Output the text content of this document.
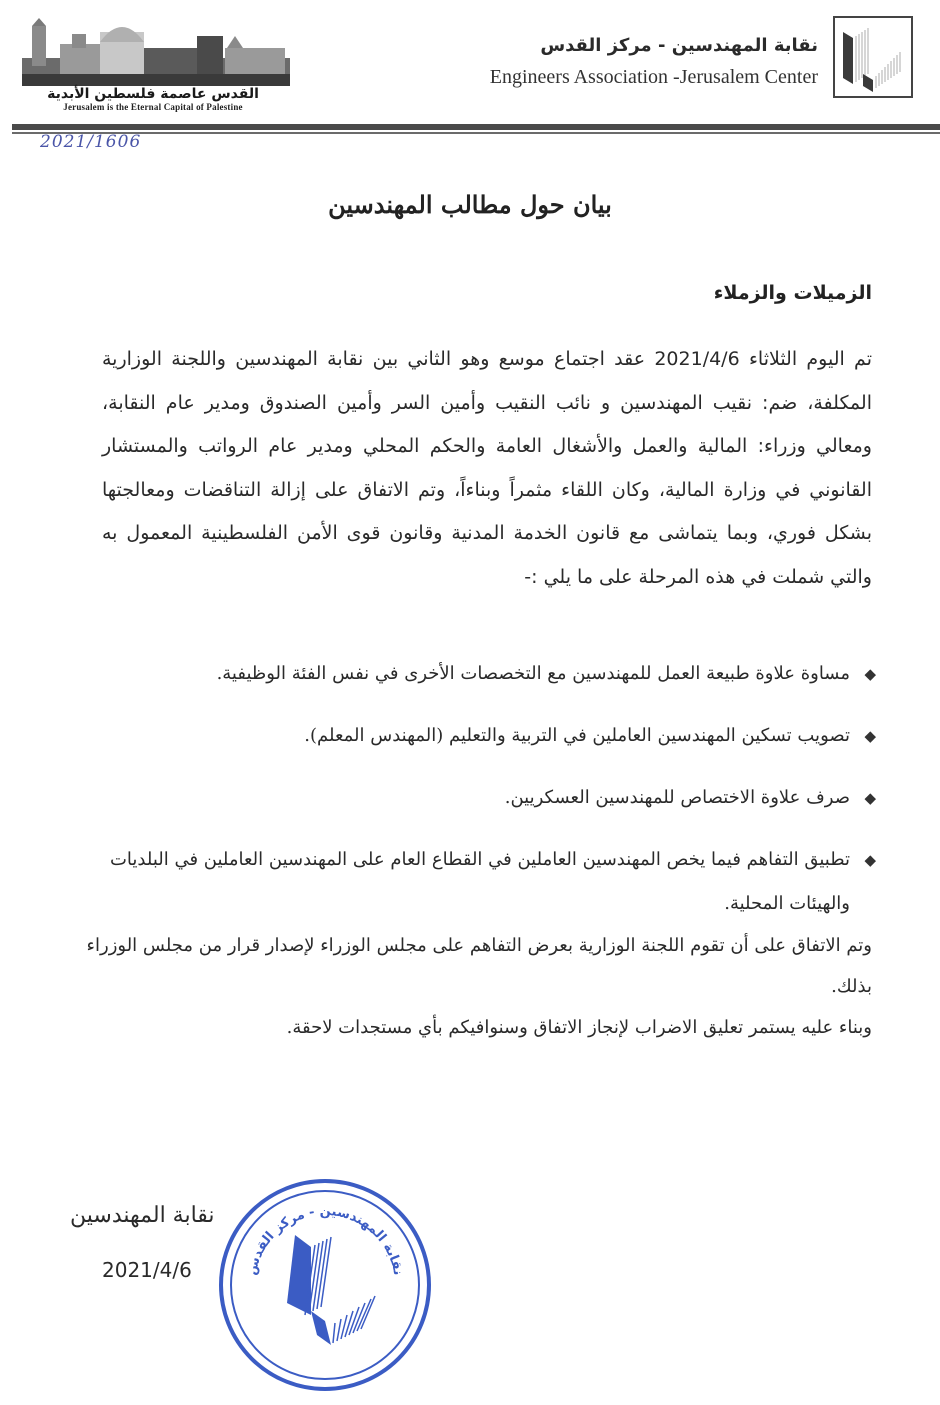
القدس عاصمة فلسطين الأبدية
Jerusalem is the Eternal Capital of Palestine
نقابة المهندسين - مركز القدس
Engineers Association -Jerusalem Center
2021/1606
بيان حول مطالب المهندسين
الزميلات والزملاء
تم اليوم الثلاثاء 2021/4/6 عقد اجتماع موسع وهو الثاني بين نقابة المهندسين واللجنة الوزارية المكلفة، ضم: نقيب المهندسين و نائب النقيب وأمين السر وأمين الصندوق ومدير عام النقابة، ومعالي وزراء: المالية والعمل والأشغال العامة والحكم المحلي ومدير عام الرواتب والمستشار القانوني في وزارة المالية، وكان اللقاء مثمراً وبناءاً، وتم الاتفاق على إزالة التناقضات ومعالجتها بشكل فوري، وبما يتماشى مع قانون الخدمة المدنية وقانون قوى الأمن الفلسطينية المعمول به والتي شملت في هذه المرحلة على ما يلي :-
◆
مساوة علاوة طبيعة العمل للمهندسين مع التخصصات الأخرى في نفس الفئة الوظيفية.
◆
تصويب تسكين المهندسين العاملين في التربية والتعليم (المهندس المعلم).
◆
صرف علاوة الاختصاص للمهندسين العسكريين.
◆
تطبيق التفاهم فيما يخص المهندسين العاملين في القطاع العام على المهندسين العاملين في البلديات والهيئات المحلية.
وتم الاتفاق على أن تقوم اللجنة الوزارية بعرض التفاهم على مجلس الوزراء لإصدار قرار من مجلس الوزراء بذلك.
وبناء عليه يستمر تعليق الاضراب لإنجاز الاتفاق وسنوافيكم بأي مستجدات لاحقة.
نقابة المهندسين
2021/4/6	نقابة المهندسين - مركز القدس
